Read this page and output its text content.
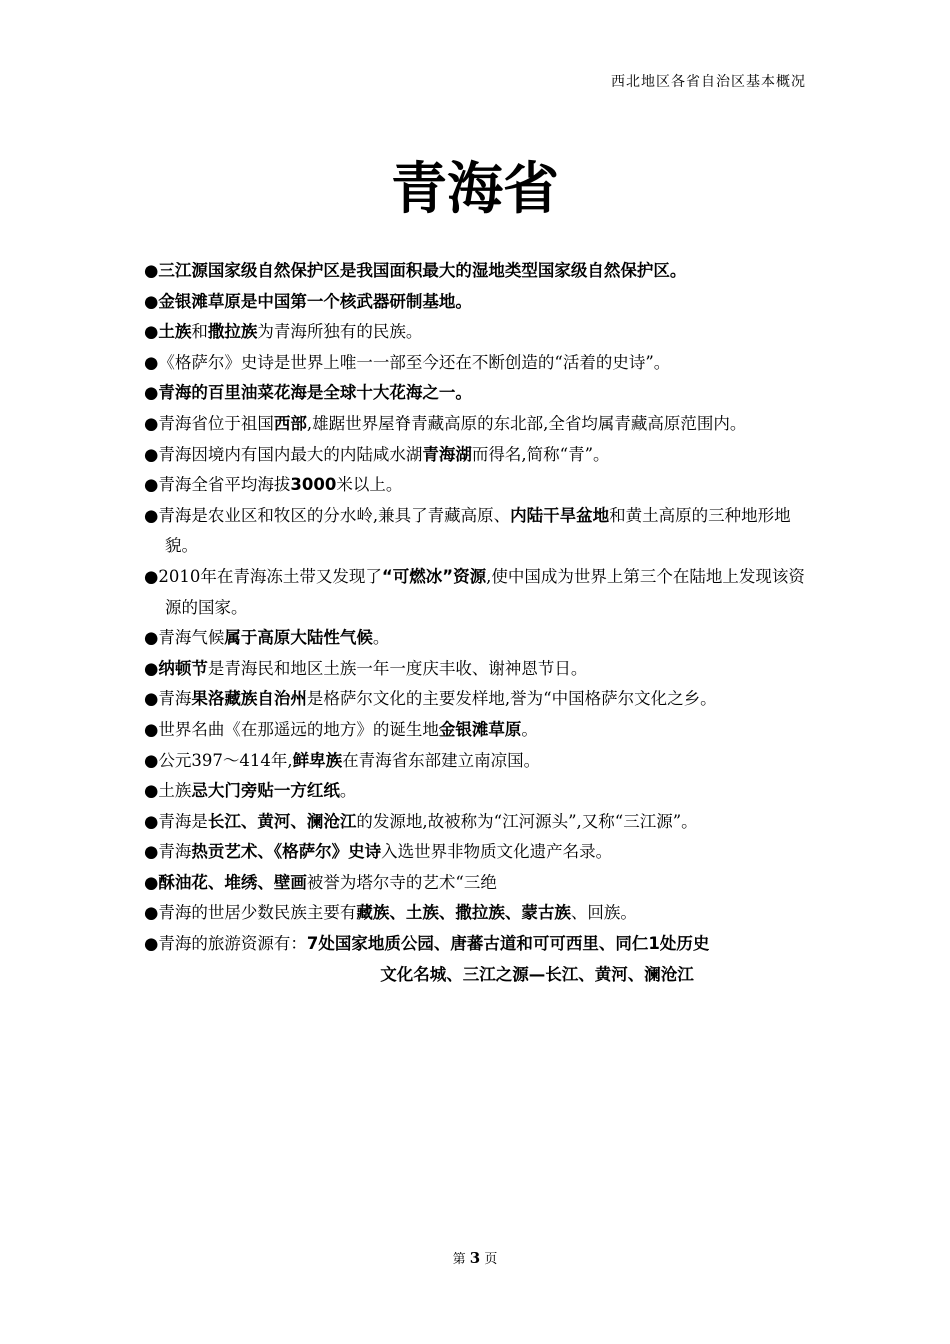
西北地区各省自治区基本概况
青海省

●三江源国家级自然保护区是我国面积最大的湿地类型国家级自然保护区。

●金银滩草原是中国第一个核武器研制基地。

●土族和撒拉族为青海所独有的民族。

●《格萨尔》史诗是世界上唯一一部至今还在不断创造的“活着的史诗”。

●青海的百里油菜花海是全球十大花海之一。

●青海省位于祖国西部,雄踞世界屋脊青藏高原的东北部,全省均属青藏高原范围内。

●青海因境内有国内最大的内陆咸水湖青海湖而得名,简称“青”。

●青海全省平均海拔3000米以上。

●青海是农业区和牧区的分水岭,兼具了青藏高原、内陆干旱盆地和黄土高原的三种地形地貌。

●2010年在青海冻土带又发现了“可燃冰”资源,使中国成为世界上第三个在陆地上发现该资源的国家。

●青海气候属于高原大陆性气候。

●纳顿节是青海民和地区土族一年一度庆丰收、谢神恩节日。

●青海果洛藏族自治州是格萨尔文化的主要发样地,誉为“中国格萨尔文化之乡。

●世界名曲《在那遥远的地方》的诞生地金银滩草原。

●公元397～414年,鲜卑族在青海省东部建立南凉国。

●土族忌大门旁贴一方红纸。

●青海是长江、黄河、澜沧江的发源地,故被称为“江河源头”,又称“三江源”。

●青海热贡艺术、《格萨尔》史诗入选世界非物质文化遗产名录。

●酥油花、堆绣、壁画被誉为塔尔寺的艺术“三绝

●青海的世居少数民族主要有藏族、土族、撒拉族、蒙古族、回族。

●青海的旅游资源有：7处国家地质公园、唐蕃古道和可可西里、同仁1处历史

文化名城、三江之源—长江、黄河、澜沧江

第 3 页
